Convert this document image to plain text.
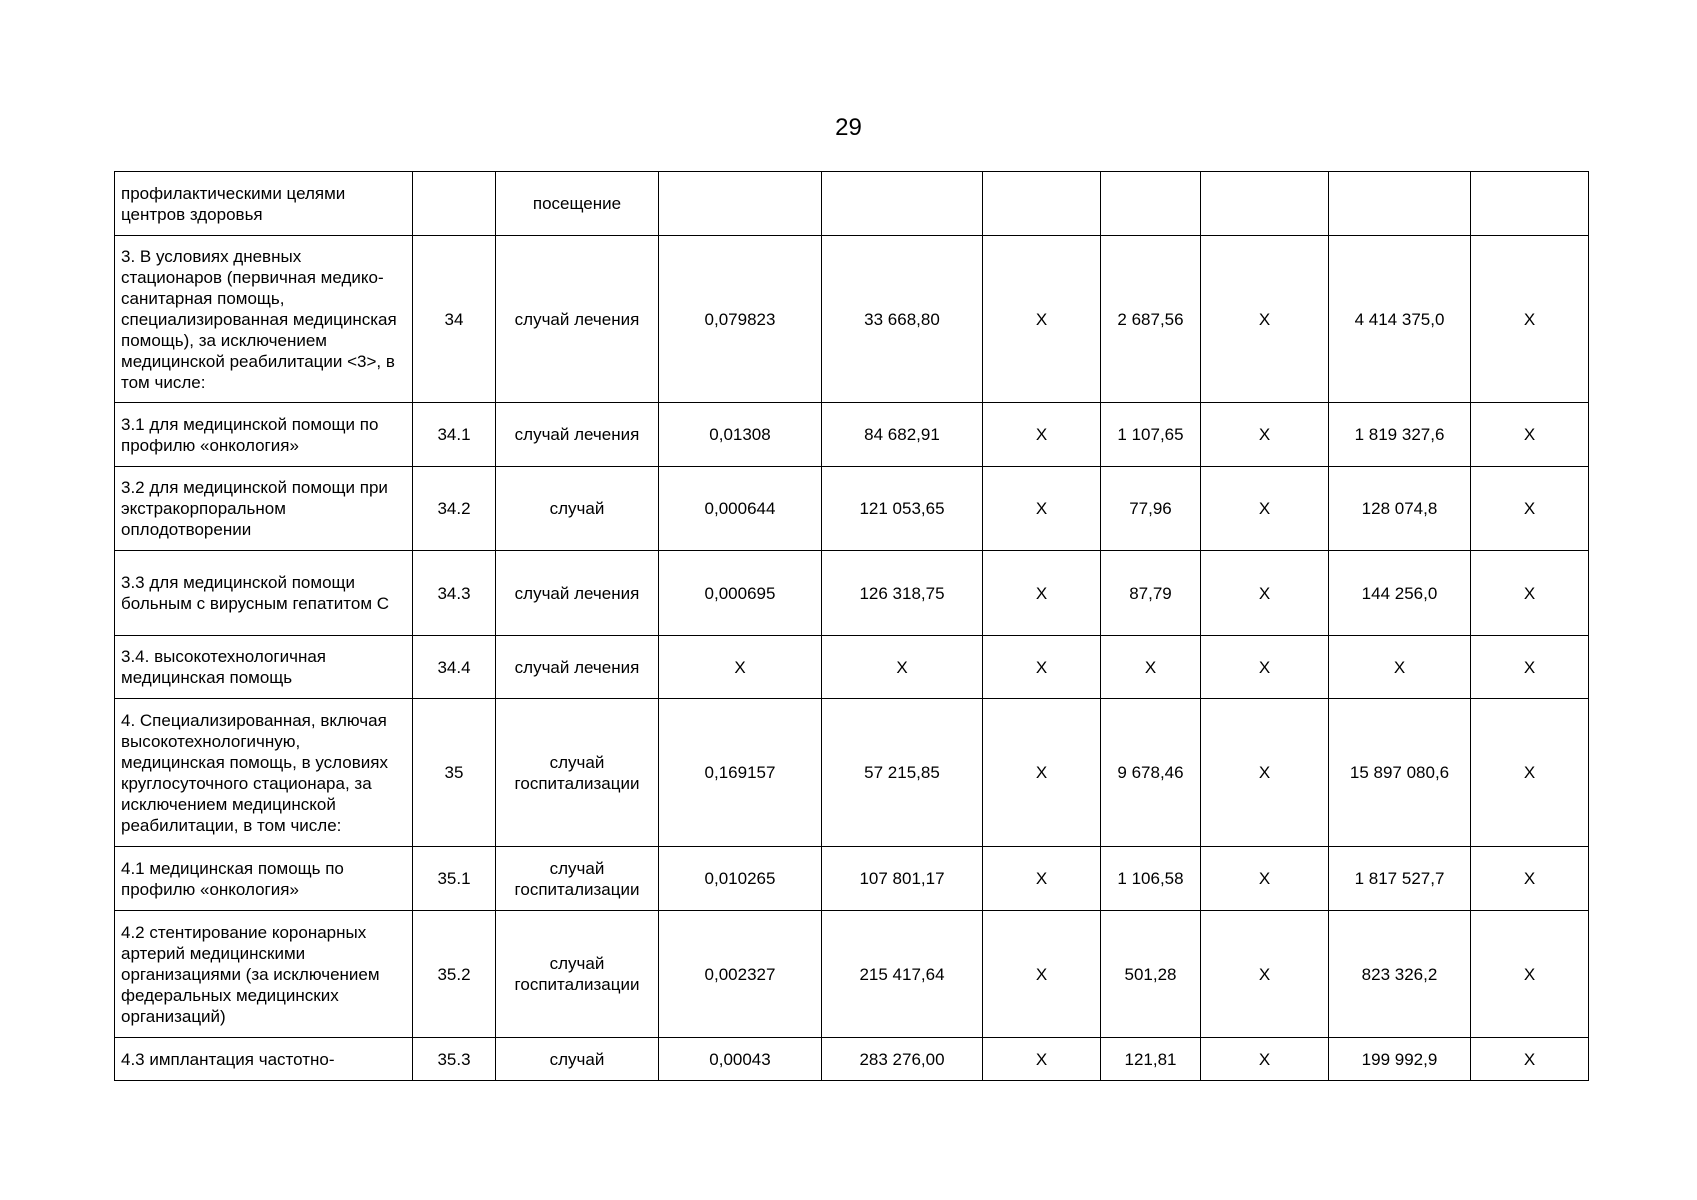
29
профилактическими целями центров здоровья		посещение							
3. В условиях дневных стационаров (первичная медико-санитарная помощь, специализированная медицинская помощь), за исключением медицинской реабилитации <3>, в том числе:	34	случай лечения	0,079823	33 668,80	X	2 687,56	X	4 414 375,0	X
3.1 для медицинской помощи по профилю «онкология»	34.1	случай лечения	0,01308	84 682,91	X	1 107,65	X	1 819 327,6	X
3.2 для медицинской помощи при экстракорпоральном оплодотворении	34.2	случай	0,000644	121 053,65	X	77,96	X	128 074,8	X
3.3 для медицинской помощи больным с вирусным гепатитом С	34.3	случай лечения	0,000695	126 318,75	X	87,79	X	144 256,0	X
3.4. высокотехнологичная медицинская помощь	34.4	случай лечения	X	X	X	X	X	X	X
4. Специализированная, включая высокотехнологичную, медицинская помощь, в условиях круглосуточного стационара, за исключением медицинской реабилитации, в том числе:	35	случай госпитализации	0,169157	57 215,85	X	9 678,46	X	15 897 080,6	X
4.1 медицинская помощь по профилю «онкология»	35.1	случай госпитализации	0,010265	107 801,17	X	1 106,58	X	1 817 527,7	X
4.2 стентирование коронарных артерий медицинскими организациями (за исключением федеральных медицинских организаций)	35.2	случай госпитализации	0,002327	215 417,64	X	501,28	X	823 326,2	X
4.3 имплантация частотно-	35.3	случай	0,00043	283 276,00	X	121,81	X	199 992,9	X
